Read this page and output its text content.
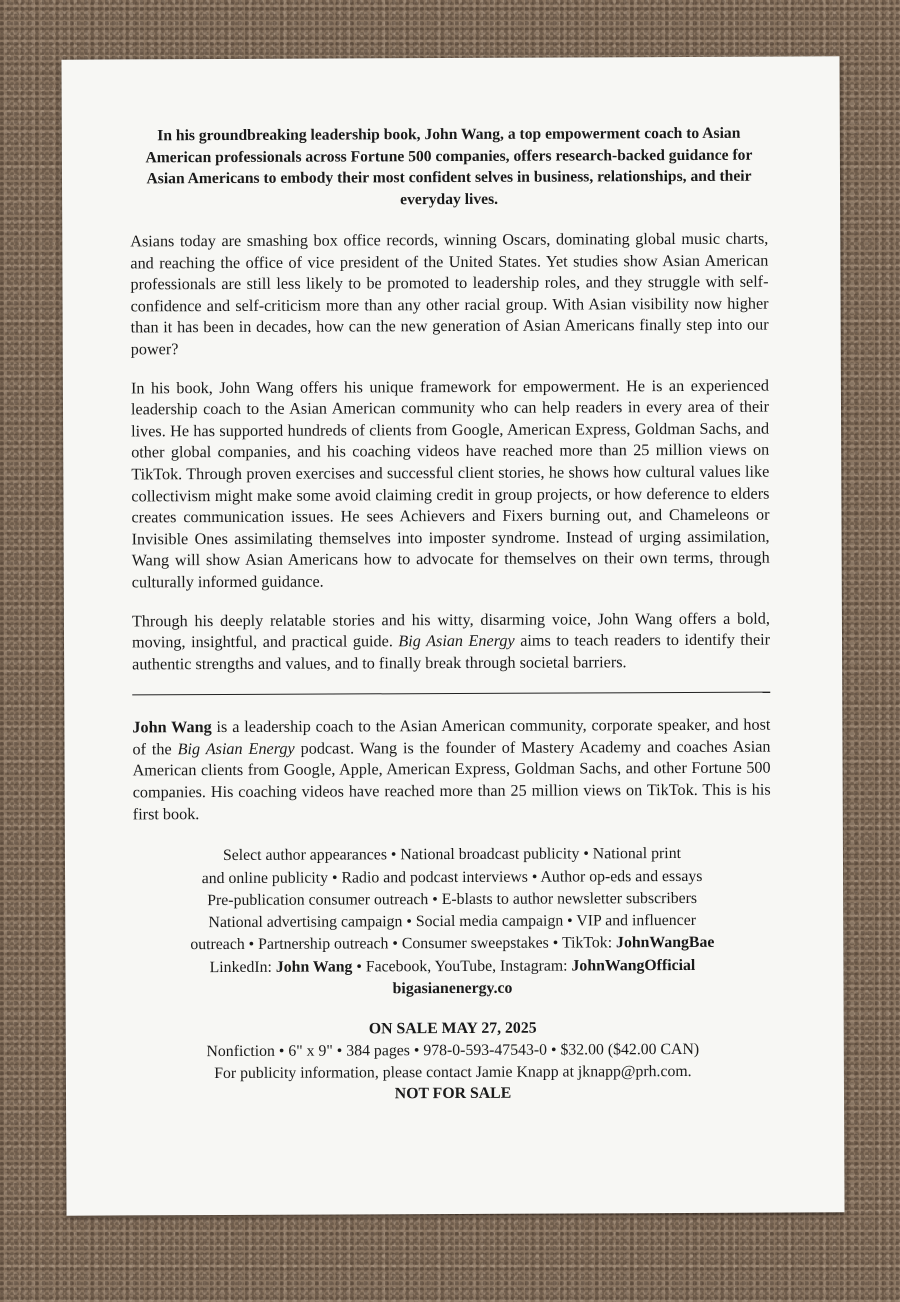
In his groundbreaking leadership book, John Wang, a top empowerment coach to Asian American professionals across Fortune 500 companies, offers research-backed guidance for Asian Americans to embody their most confident selves in business, relationships, and their everyday lives.

Asians today are smashing box office records, winning Oscars, dominating global music charts, and reaching the office of vice president of the United States. Yet studies show Asian American professionals are still less likely to be promoted to leadership roles, and they struggle with self-confidence and self-criticism more than any other racial group. With Asian visibility now higher than it has been in decades, how can the new generation of Asian Americans finally step into our power?

In his book, John Wang offers his unique framework for empowerment. He is an experienced leadership coach to the Asian American community who can help readers in every area of their lives. He has supported hundreds of clients from Google, American Express, Goldman Sachs, and other global companies, and his coaching videos have reached more than 25 million views on TikTok. Through proven exercises and successful client stories, he shows how cultural values like collectivism might make some avoid claiming credit in group projects, or how deference to elders creates communication issues. He sees Achievers and Fixers burning out, and Chameleons or Invisible Ones assimilating themselves into imposter syndrome. Instead of urging assimilation, Wang will show Asian Americans how to advocate for themselves on their own terms, through culturally informed guidance.

Through his deeply relatable stories and his witty, disarming voice, John Wang offers a bold, moving, insightful, and practical guide. Big Asian Energy aims to teach readers to identify their authentic strengths and values, and to finally break through societal barriers.

John Wang is a leadership coach to the Asian American community, corporate speaker, and host of the Big Asian Energy podcast. Wang is the founder of Mastery Academy and coaches Asian American clients from Google, Apple, American Express, Goldman Sachs, and other Fortune 500 companies. His coaching videos have reached more than 25 million views on TikTok. This is his first book.

Select author appearances • National broadcast publicity • National print
and online publicity • Radio and podcast interviews • Author op-eds and essays
Pre-publication consumer outreach • E-blasts to author newsletter subscribers
National advertising campaign • Social media campaign • VIP and influencer
outreach • Partnership outreach • Consumer sweepstakes • TikTok: JohnWangBae
LinkedIn: John Wang • Facebook, YouTube, Instagram: JohnWangOfficial
bigasianenergy.co
ON SALE MAY 27, 2025
Nonfiction • 6" x 9" • 384 pages • 978-0-593-47543-0 • $32.00 ($42.00 CAN)
For publicity information, please contact Jamie Knapp at jknapp@prh.com.
NOT FOR SALE
